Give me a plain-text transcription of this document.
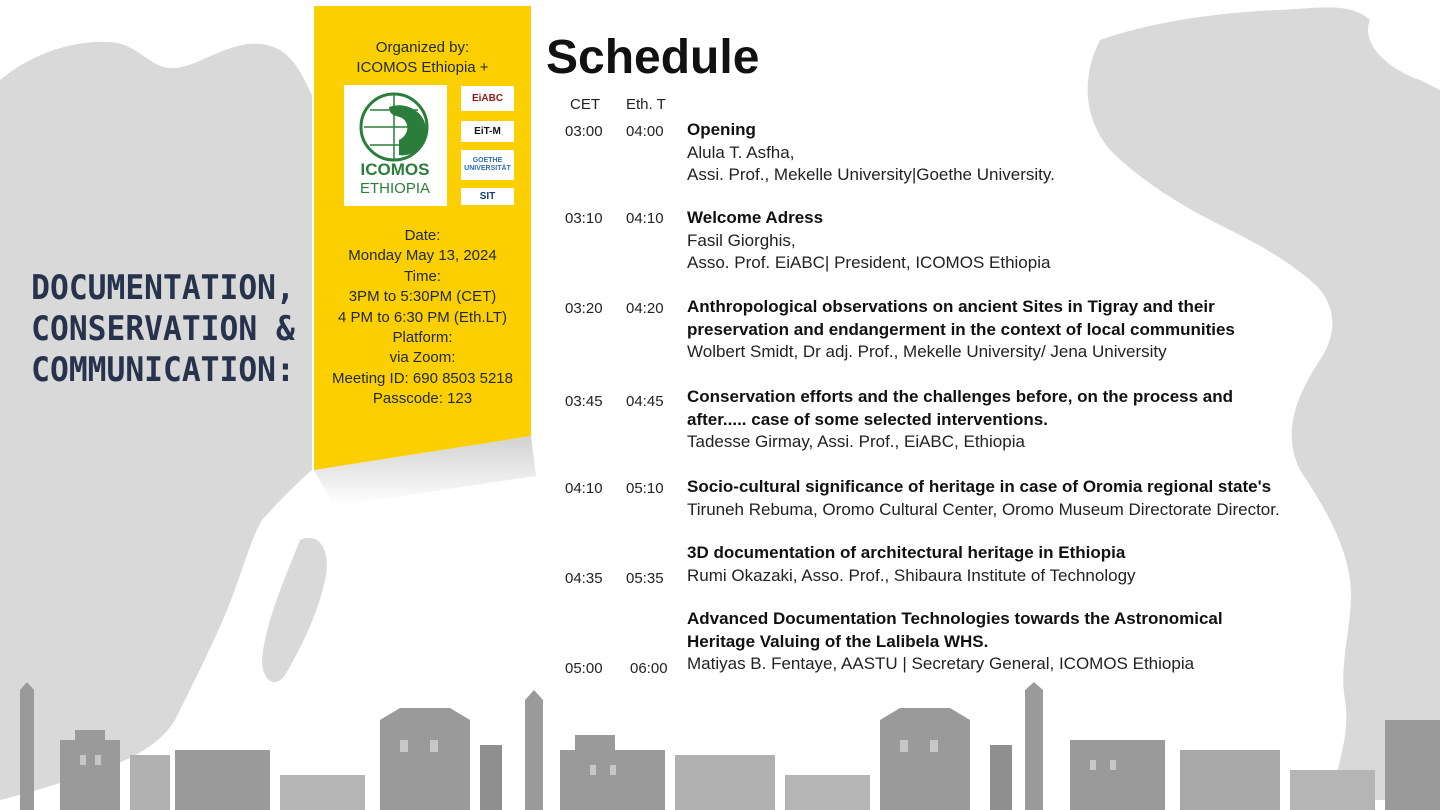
DOCUMENTATION,
CONSERVATION &
COMMUNICATION:
Organized by:
ICOMOS Ethiopia +
ICOMOS
ETHIOPIA
EiABC
EiT-M
GOETHE UNIVERSITÄT
SIT
Date:
Monday May 13, 2024
Time:
3PM to 5:30PM (CET)
4 PM to 6:30 PM (Eth.LT)
Platform:
via Zoom:
Meeting ID: 690 8503 5218
Passcode: 123
Schedule
CET Eth. T
03:00 04:00 Opening
Alula T. Asfha,
Assi. Prof., Mekelle University|Goethe University.
03:10 04:10 Welcome Adress
Fasil Giorghis,
Asso. Prof. EiABC| President, ICOMOS Ethiopia
03:20 04:20 Anthropological observations on ancient Sites in Tigray and their
preservation and endangerment in the context of local communities
Wolbert Smidt, Dr adj. Prof., Mekelle University/ Jena University
03:45 04:45 Conservation efforts and the challenges before, on the process and
after..... case of some selected interventions.
Tadesse Girmay, Assi. Prof., EiABC, Ethiopia
04:10 05:10 Socio-cultural significance of heritage in case of Oromia regional state's
Tiruneh Rebuma, Oromo Cultural Center, Oromo Museum Directorate Director.
04:35 05:35
3D documentation of architectural heritage in Ethiopia
Rumi Okazaki, Asso. Prof., Shibaura Institute of Technology
05:00 06:00
Advanced Documentation Technologies towards the Astronomical
Heritage Valuing of the Lalibela WHS.
Matiyas B. Fentaye, AASTU | Secretary General, ICOMOS Ethiopia
